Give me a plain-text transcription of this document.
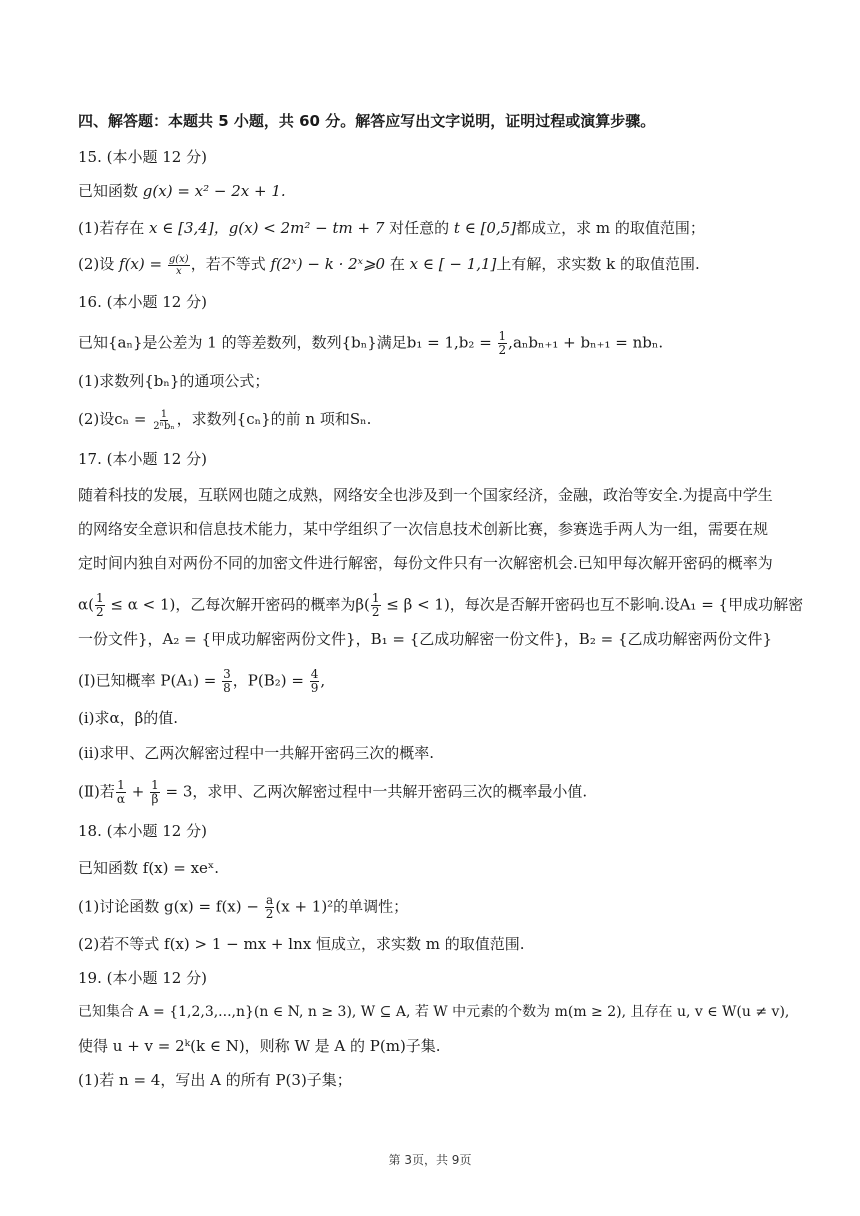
四、解答题：本题共 5 小题，共 60 分。解答应写出文字说明，证明过程或演算步骤。
15. (本小题 12 分)
已知函数 g(x) = x² − 2x + 1.
(1)若存在 x ∈ [3,4]，g(x) < 2m² − tm + 7 对任意的 t ∈ [0,5]都成立，求 m 的取值范围；
(2)设 $f(x) = \frac{g(x)}{x}$ ，若不等式 f(2ˣ) − k · 2ˣ⩾0 在 x ∈ [ − 1,1]上有解，求实数 k 的取值范围.
16. (本小题 12 分)
已知{aₙ}是公差为 1 的等差数列，数列{bₙ}满足$b_1 = 1,b_2 = \frac{1}{2} ,a_nb_{n+1} + b_{n+1} = nb_n$.
(1)求数列{bₙ}的通项公式；
(2)设$c_n = \frac{1}{\text{2ⁿbₙ}}$ ，求数列{cₙ}的前 n 项和Sₙ.
17. (本小题 12 分)
随着科技的发展，互联网也随之成熟，网络安全也涉及到一个国家经济，金融，政治等安全.为提高中学生
的网络安全意识和信息技术能力，某中学组织了一次信息技术创新比赛，参赛选手两人为一组，需要在规
定时间内独自对两份不同的加密文件进行解密，每份文件只有一次解密机会.已知甲每次解开密码的概率为
$\alpha( \frac{1}{2} \le \alpha < 1)$，乙每次解开密码的概率为$\beta( \frac{1}{2} \le \beta < 1)$，每次是否解开密码也互不影响.设A₁ = {甲成功解密
一份文件}，A₂ = {甲成功解密两份文件}，B₁ = {乙成功解密一份文件}，B₂ = {乙成功解密两份文件}
(Ⅰ)已知概率 $P(A_1) = \frac{3}{8}$ ，$P(B_2) = \frac{4}{9}$ ,
(ⅰ)求α，β的值.
(ⅱ)求甲、乙两次解密过程中一共解开密码三次的概率.
(Ⅱ)若 $\frac{1}{\alpha} + \frac{1}{\beta} = 3$，求甲、乙两次解密过程中一共解开密码三次的概率最小值.
18. (本小题 12 分)
已知函数 f(x) = xeˣ.
(1)讨论函数 $g(x) = f(x) - \frac{a}{2} (x + 1)^2$的单调性；
(2)若不等式 f(x) > 1 − mx + lnx 恒成立，求实数 m 的取值范围.
19. (本小题 12 分)
已知集合 A = {1,2,3,...,n}(n ∈ N, n ≥ 3), W ⊆ A, 若 W 中元素的个数为 m(m ≥ 2), 且存在 u, v ∈ W(u ≠ v),
使得 u + v = 2ᵏ(k ∈ N)，则称 W 是 A 的 P(m)子集.
(1)若 n = 4，写出 A 的所有 P(3)子集；
第 3页，共 9页
